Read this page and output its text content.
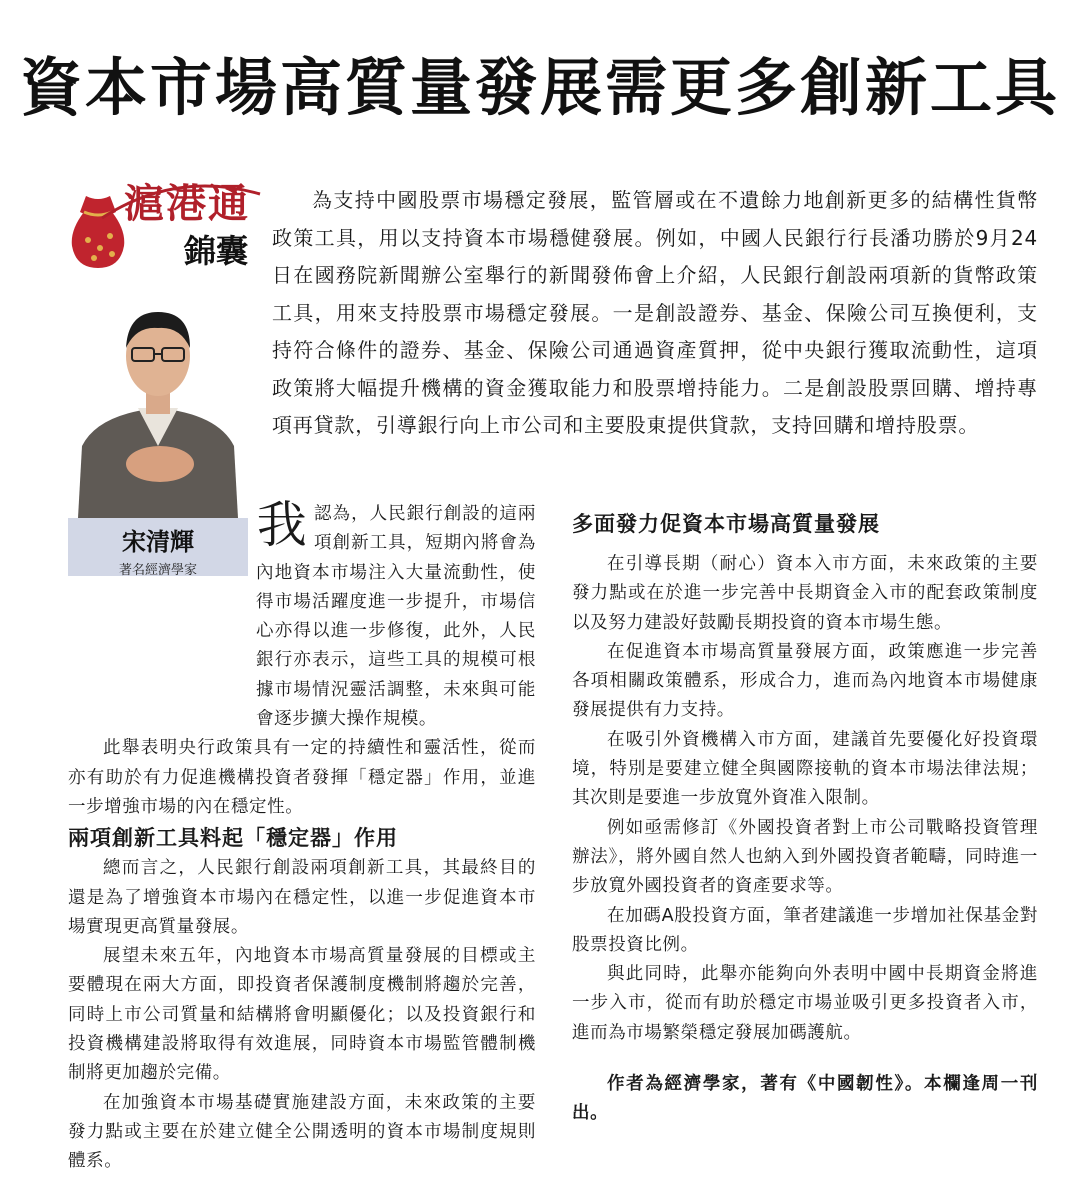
資本市場高質量發展需更多創新工具
滬港通
錦囊
宋清輝
著名經濟學家

為支持中國股票市場穩定發展，監管層或在不遺餘力地創新更多的結構性貨幣政策工具，用以支持資本市場穩健發展。例如，中國人民銀行行長潘功勝於9月24日在國務院新聞辦公室舉行的新聞發佈會上介紹，人民銀行創設兩項新的貨幣政策工具，用來支持股票市場穩定發展。一是創設證券、基金、保險公司互換便利，支持符合條件的證券、基金、保險公司通過資產質押，從中央銀行獲取流動性，這項政策將大幅提升機構的資金獲取能力和股票增持能力。二是創設股票回購、增持專項再貸款，引導銀行向上市公司和主要股東提供貸款，支持回購和增持股票。

我認為，人民銀行創設的這兩項創新工具，短期內將會為內地資本市場注入大量流動性，使得市場活躍度進一步提升，市場信心亦得以進一步修復，此外，人民銀行亦表示，這些工具的規模可根據市場情況靈活調整，未來與可能會逐步擴大操作規模。

此舉表明央行政策具有一定的持續性和靈活性，從而亦有助於有力促進機構投資者發揮「穩定器」作用，並進一步增強市場的內在穩定性。

兩項創新工具料起「穩定器」作用

總而言之，人民銀行創設兩項創新工具，其最終目的還是為了增強資本市場內在穩定性，以進一步促進資本市場實現更高質量發展。

展望未來五年，內地資本市場高質量發展的目標或主要體現在兩大方面，即投資者保護制度機制將趨於完善，同時上市公司質量和結構將會明顯優化；以及投資銀行和投資機構建設將取得有效進展，同時資本市場監管體制機制將更加趨於完備。

在加強資本市場基礎實施建設方面，未來政策的主要發力點或主要在於建立健全公開透明的資本市場制度規則體系。

多面發力促資本市場高質量發展

在引導長期（耐心）資本入市方面，未來政策的主要發力點或在於進一步完善中長期資金入市的配套政策制度以及努力建設好鼓勵長期投資的資本市場生態。

在促進資本市場高質量發展方面，政策應進一步完善各項相關政策體系，形成合力，進而為內地資本市場健康發展提供有力支持。

在吸引外資機構入市方面，建議首先要優化好投資環境，特別是要建立健全與國際接軌的資本市場法律法規；其次則是要進一步放寬外資准入限制。

例如亟需修訂《外國投資者對上市公司戰略投資管理辦法》，將外國自然人也納入到外國投資者範疇，同時進一步放寬外國投資者的資產要求等。

在加碼A股投資方面，筆者建議進一步增加社保基金對股票投資比例。

與此同時，此舉亦能夠向外表明中國中長期資金將進一步入市，從而有助於穩定市場並吸引更多投資者入市，進而為市場繁榮穩定發展加碼護航。

作者為經濟學家，著有《中國韌性》。本欄逢周一刊出。
